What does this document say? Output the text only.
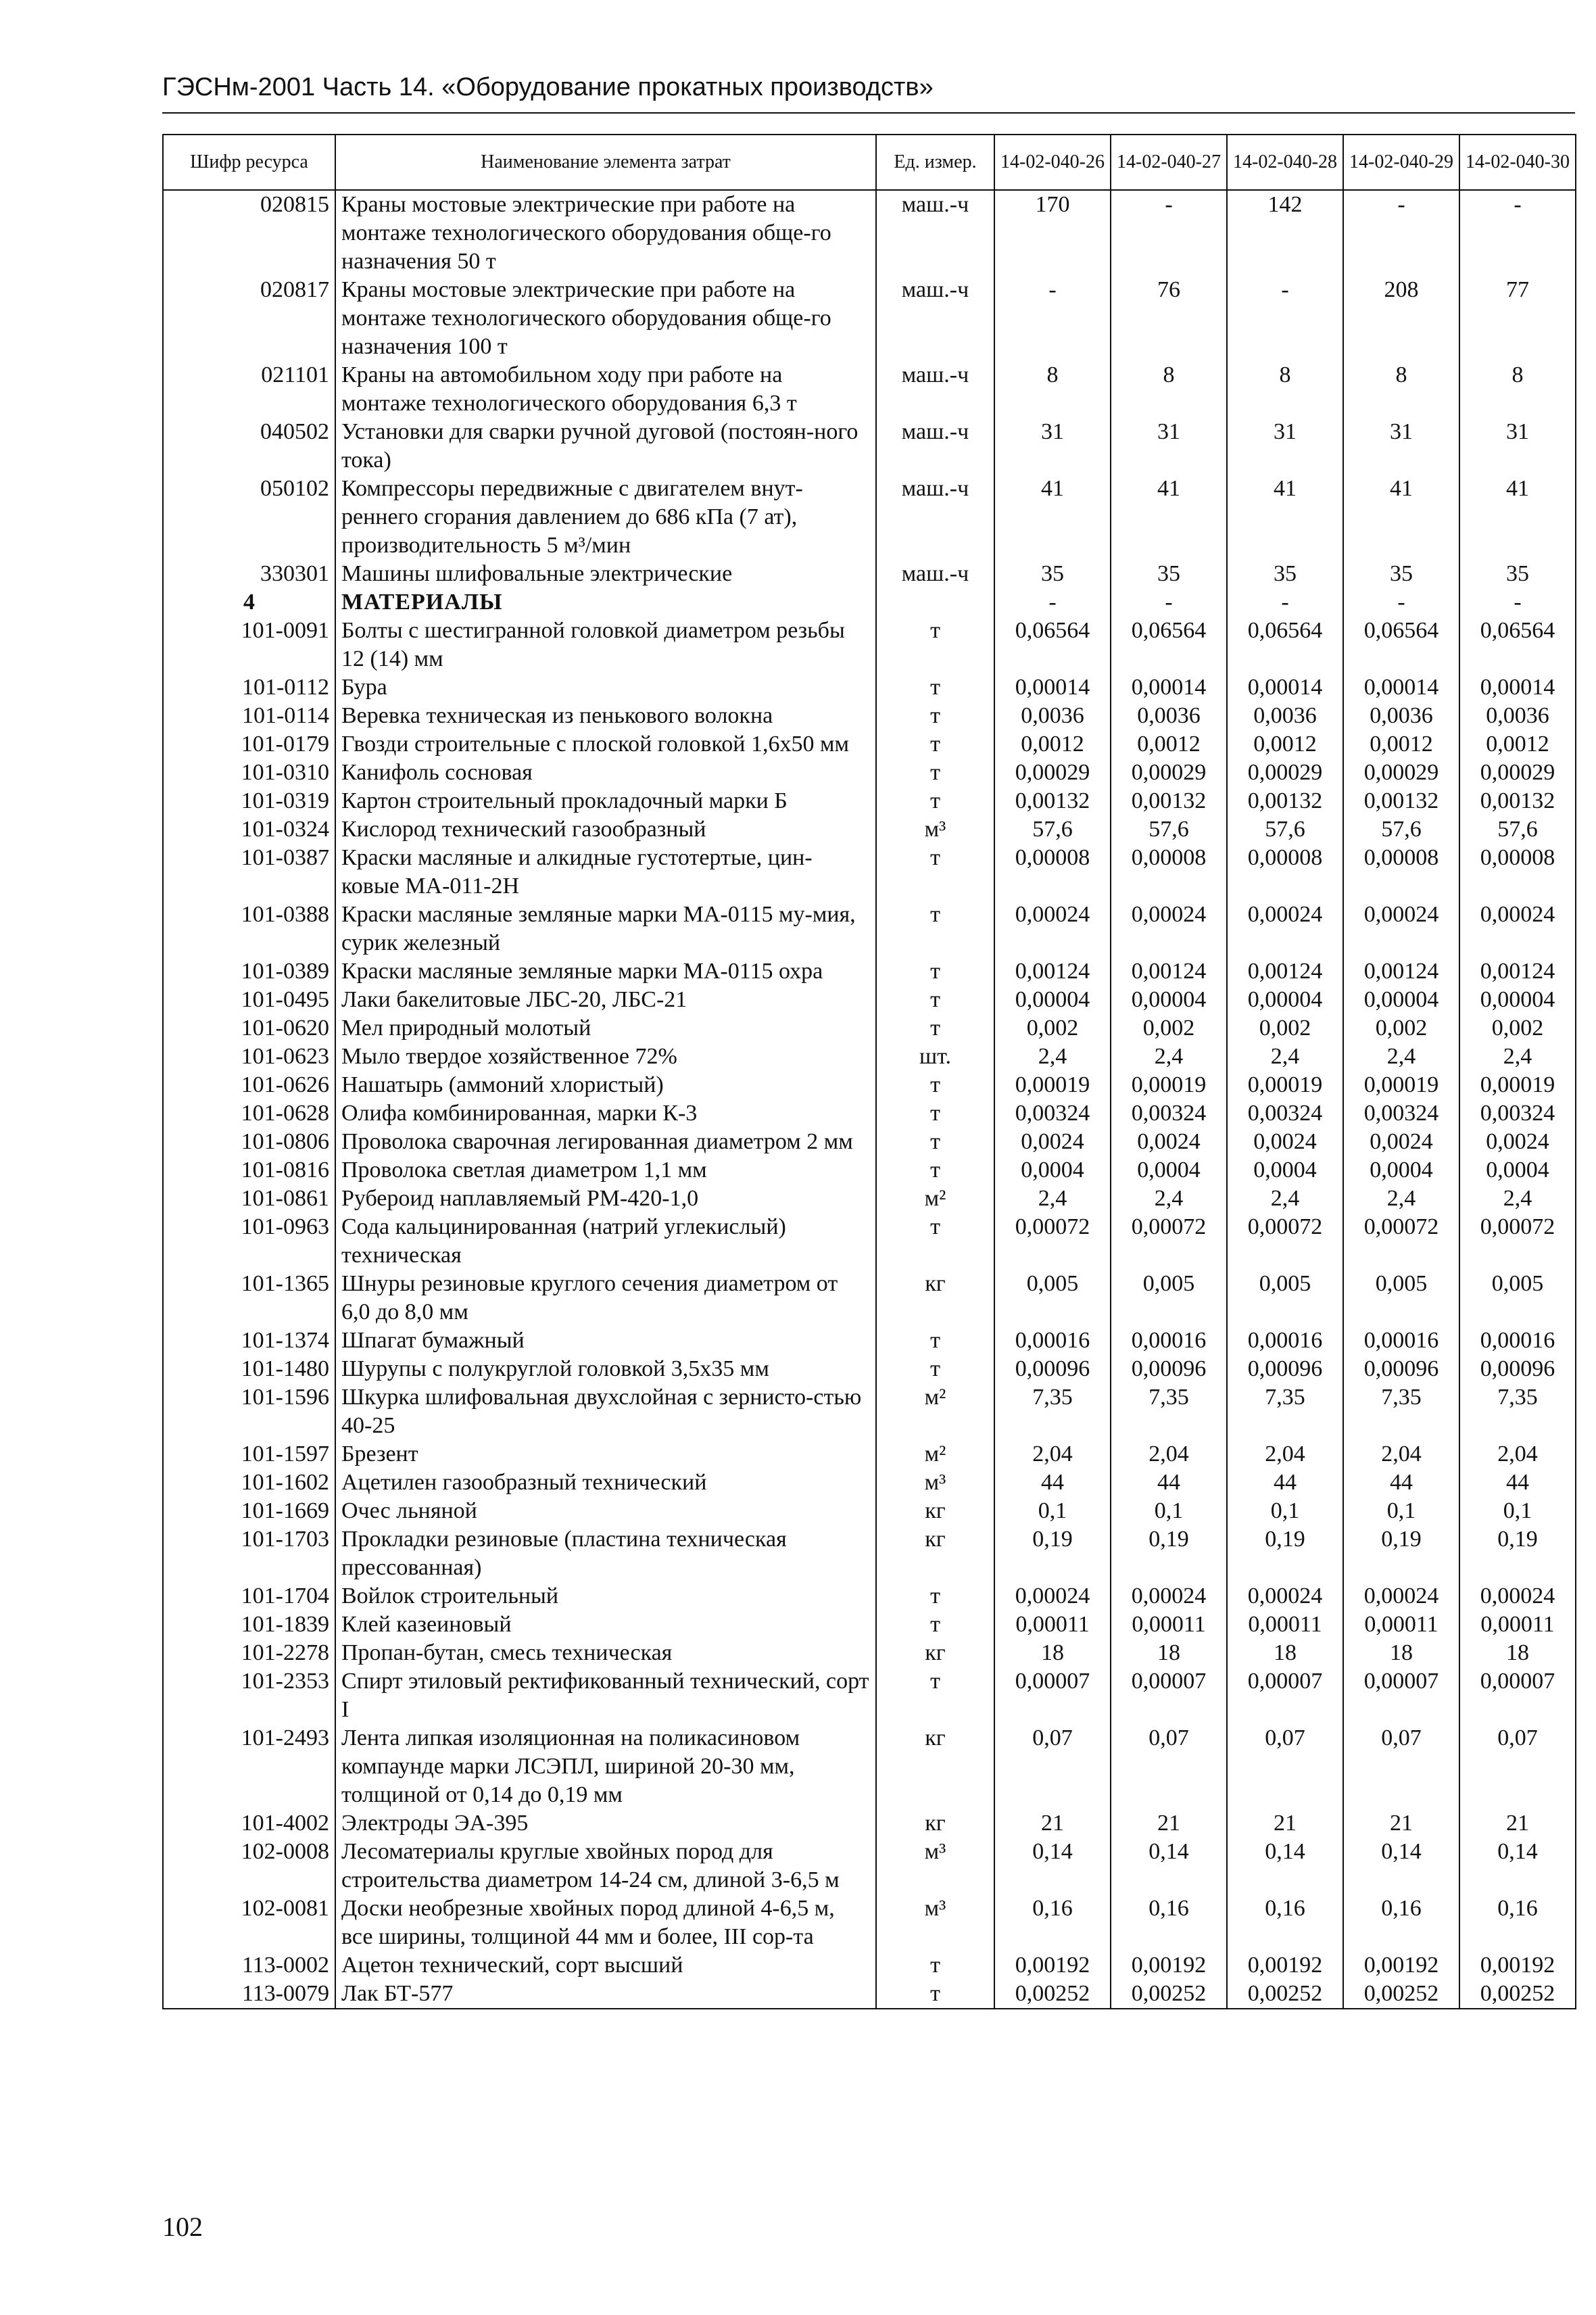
ГЭСНм-2001 Часть 14. «Оборудование прокатных производств»
Шифр ресурса	Наименование элемента затрат	Ед. измер.	14-02-040-26	14-02-040-27	14-02-040-28	14-02-040-29	14-02-040-30
020815	Краны мостовые электрические при работе на монтаже технологического оборудования обще-го назначения 50 т	маш.-ч	170	-	142	-	-
020817	Краны мостовые электрические при работе на монтаже технологического оборудования обще-го назначения 100 т	маш.-ч	-	76	-	208	77
021101	Краны на автомобильном ходу при работе на монтаже технологического оборудования 6,3 т	маш.-ч	8	8	8	8	8
040502	Установки для сварки ручной дуговой (постоян-ного тока)	маш.-ч	31	31	31	31	31
050102	Компрессоры передвижные с двигателем внут-реннего сгорания давлением до 686 кПа (7 ат), производительность 5 м³/мин	маш.-ч	41	41	41	41	41
330301	Машины шлифовальные электрические	маш.-ч	35	35	35	35	35
4	МАТЕРИАЛЫ		-	-	-	-	-
101-0091	Болты с шестигранной головкой диаметром резьбы 12 (14) мм	т	0,06564	0,06564	0,06564	0,06564	0,06564
101-0112	Бура	т	0,00014	0,00014	0,00014	0,00014	0,00014
101-0114	Веревка техническая из пенькового волокна	т	0,0036	0,0036	0,0036	0,0036	0,0036
101-0179	Гвозди строительные с плоской головкой 1,6х50 мм	т	0,0012	0,0012	0,0012	0,0012	0,0012
101-0310	Канифоль сосновая	т	0,00029	0,00029	0,00029	0,00029	0,00029
101-0319	Картон строительный прокладочный марки Б	т	0,00132	0,00132	0,00132	0,00132	0,00132
101-0324	Кислород технический газообразный	м³	57,6	57,6	57,6	57,6	57,6
101-0387	Краски масляные и алкидные густотертые, цин-ковые МА-011-2Н	т	0,00008	0,00008	0,00008	0,00008	0,00008
101-0388	Краски масляные земляные марки МА-0115 му-мия, сурик железный	т	0,00024	0,00024	0,00024	0,00024	0,00024
101-0389	Краски масляные земляные марки МА-0115 охра	т	0,00124	0,00124	0,00124	0,00124	0,00124
101-0495	Лаки бакелитовые ЛБС-20, ЛБС-21	т	0,00004	0,00004	0,00004	0,00004	0,00004
101-0620	Мел природный молотый	т	0,002	0,002	0,002	0,002	0,002
101-0623	Мыло твердое хозяйственное 72%	шт.	2,4	2,4	2,4	2,4	2,4
101-0626	Нашатырь (аммоний хлористый)	т	0,00019	0,00019	0,00019	0,00019	0,00019
101-0628	Олифа комбинированная, марки К-3	т	0,00324	0,00324	0,00324	0,00324	0,00324
101-0806	Проволока сварочная легированная диаметром 2 мм	т	0,0024	0,0024	0,0024	0,0024	0,0024
101-0816	Проволока светлая диаметром 1,1 мм	т	0,0004	0,0004	0,0004	0,0004	0,0004
101-0861	Рубероид наплавляемый РМ-420-1,0	м²	2,4	2,4	2,4	2,4	2,4
101-0963	Сода кальцинированная (натрий углекислый) техническая	т	0,00072	0,00072	0,00072	0,00072	0,00072
101-1365	Шнуры резиновые круглого сечения диаметром от 6,0 до 8,0 мм	кг	0,005	0,005	0,005	0,005	0,005
101-1374	Шпагат бумажный	т	0,00016	0,00016	0,00016	0,00016	0,00016
101-1480	Шурупы с полукруглой головкой 3,5х35 мм	т	0,00096	0,00096	0,00096	0,00096	0,00096
101-1596	Шкурка шлифовальная двухслойная с зернисто-стью 40-25	м²	7,35	7,35	7,35	7,35	7,35
101-1597	Брезент	м²	2,04	2,04	2,04	2,04	2,04
101-1602	Ацетилен газообразный технический	м³	44	44	44	44	44
101-1669	Очес льняной	кг	0,1	0,1	0,1	0,1	0,1
101-1703	Прокладки резиновые (пластина техническая прессованная)	кг	0,19	0,19	0,19	0,19	0,19
101-1704	Войлок строительный	т	0,00024	0,00024	0,00024	0,00024	0,00024
101-1839	Клей казеиновый	т	0,00011	0,00011	0,00011	0,00011	0,00011
101-2278	Пропан-бутан, смесь техническая	кг	18	18	18	18	18
101-2353	Спирт этиловый ректификованный технический, сорт I	т	0,00007	0,00007	0,00007	0,00007	0,00007
101-2493	Лента липкая изоляционная на поликасиновом компаунде марки ЛСЭПЛ, шириной 20-30 мм, толщиной от 0,14 до 0,19 мм	кг	0,07	0,07	0,07	0,07	0,07
101-4002	Электроды ЭА-395	кг	21	21	21	21	21
102-0008	Лесоматериалы круглые хвойных пород для строительства диаметром 14-24 см, длиной 3-6,5 м	м³	0,14	0,14	0,14	0,14	0,14
102-0081	Доски необрезные хвойных пород длиной 4-6,5 м, все ширины, толщиной 44 мм и более, III сор-та	м³	0,16	0,16	0,16	0,16	0,16
113-0002	Ацетон технический, сорт высший	т	0,00192	0,00192	0,00192	0,00192	0,00192
113-0079	Лак БТ-577	т	0,00252	0,00252	0,00252	0,00252	0,00252
102
